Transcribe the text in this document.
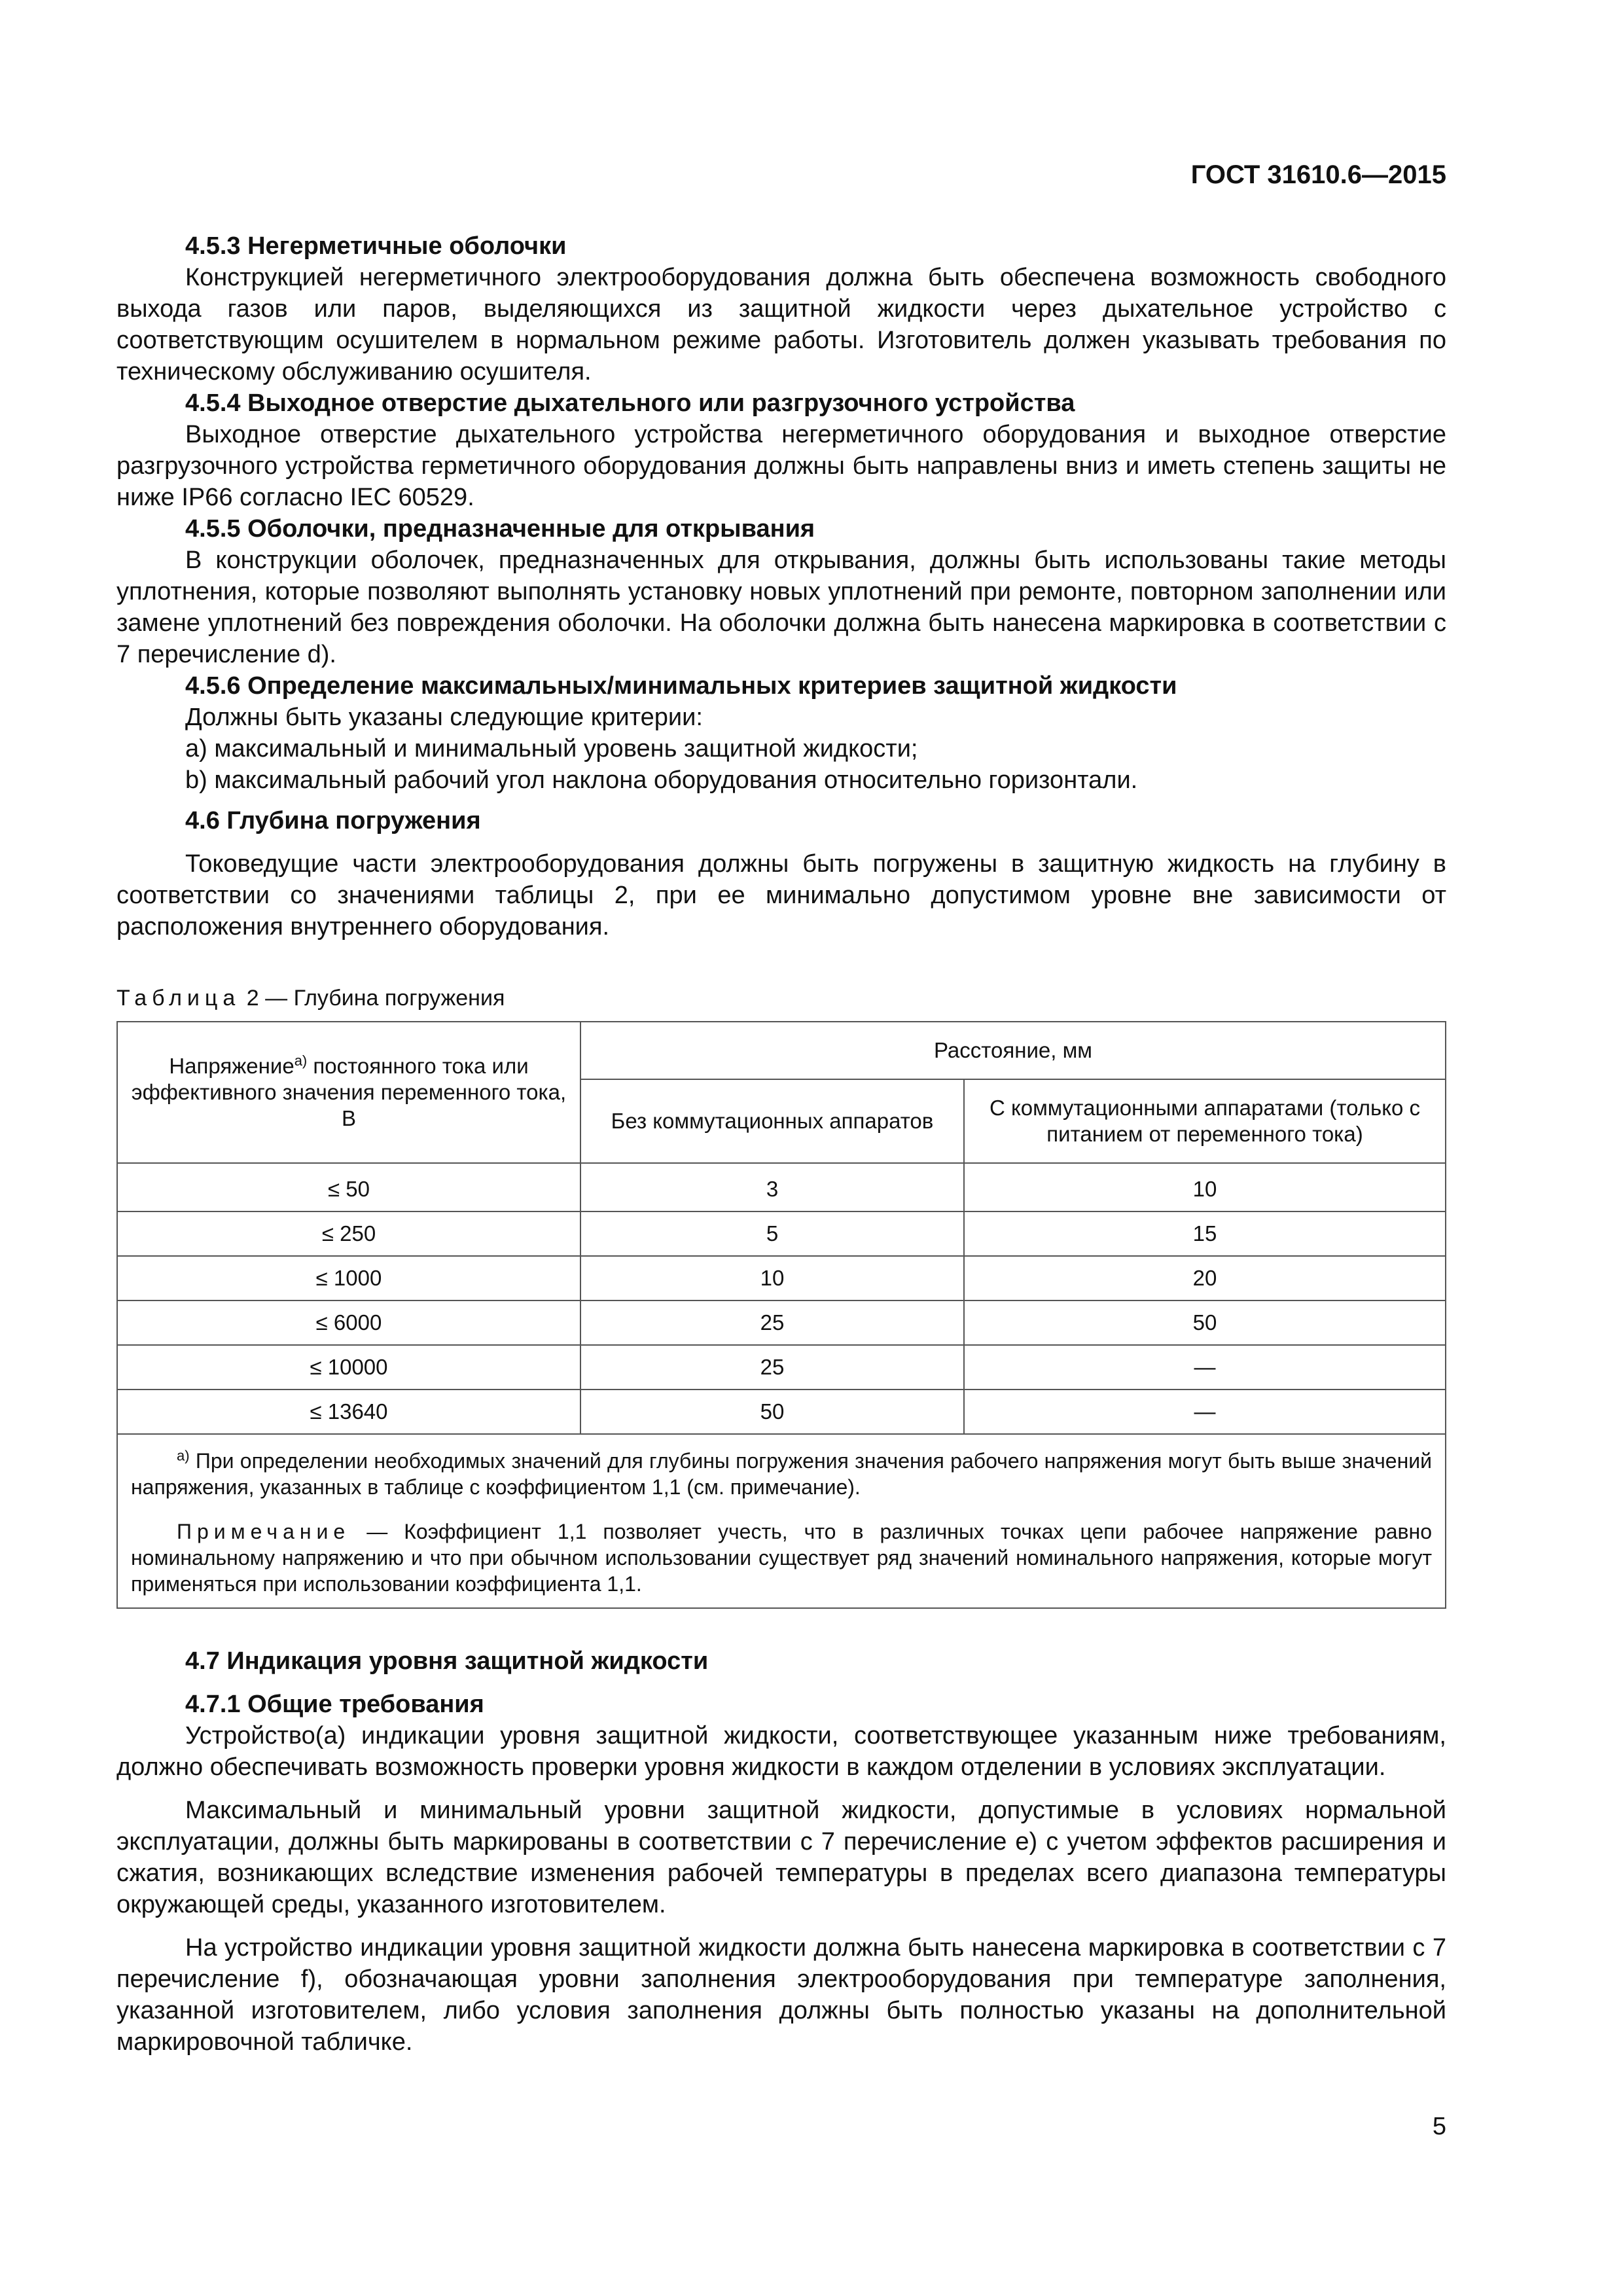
ГОСТ 31610.6—2015

4.5.3 Негерметичные оболочки

Конструкцией негерметичного электрооборудования должна быть обеспечена возможность свободного выхода газов или паров, выделяющихся из защитной жидкости через дыхательное устройство с соответствующим осушителем в нормальном режиме работы. Изготовитель должен указывать требования по техническому обслуживанию осушителя.

4.5.4 Выходное отверстие дыхательного или разгрузочного устройства

Выходное отверстие дыхательного устройства негерметичного оборудования и выходное отверстие разгрузочного устройства герметичного оборудования должны быть направлены вниз и иметь степень защиты не ниже IP66 согласно IEC 60529.

4.5.5 Оболочки, предназначенные для открывания

В конструкции оболочек, предназначенных для открывания, должны быть использованы такие методы уплотнения, которые позволяют выполнять установку новых уплотнений при ремонте, повторном заполнении или замене уплотнений без повреждения оболочки. На оболочки должна быть нанесена маркировка в соответствии с 7 перечисление d).

4.5.6 Определение максимальных/минимальных критериев защитной жидкости

Должны быть указаны следующие критерии:

a) максимальный и минимальный уровень защитной жидкости;

b) максимальный рабочий угол наклона оборудования относительно горизонтали.

4.6 Глубина погружения

Токоведущие части электрооборудования должны быть погружены в защитную жидкость на глубину в соответствии со значениями таблицы 2, при ее минимально допустимом уровне вне зависимости от расположения внутреннего оборудования.

Таблица 2 — Глубина погружения
Напряжение$^{а)}$ постоянного тока или эффективного значения переменного тока, В	Расстояние, мм	
	Без коммутационных аппаратов	С коммутационными аппаратами (только с питанием от переменного тока)
≤ 50	3	10
≤ 250	5	15
≤ 1000	10	20
≤ 6000	25	50
≤ 10000	25	—
≤ 13640	50	—

$^{а)}$ При определении необходимых значений для глубины погружения значения рабочего напряжения могут быть выше значений напряжения, указанных в таблице с коэффициентом 1,1 (см. примечание).

Примечание — Коэффициент 1,1 позволяет учесть, что в различных точках цепи рабочее напряжение равно номинальному напряжению и что при обычном использовании существует ряд значений номинального напряжения, которые могут применяться при использовании коэффициента 1,1.		

4.7 Индикация уровня защитной жидкости

4.7.1 Общие требования

Устройство(а) индикации уровня защитной жидкости, соответствующее указанным ниже требованиям, должно обеспечивать возможность проверки уровня жидкости в каждом отделении в условиях эксплуатации.

Максимальный и минимальный уровни защитной жидкости, допустимые в условиях нормальной эксплуатации, должны быть маркированы в соответствии с 7 перечисление е) с учетом эффектов расширения и сжатия, возникающих вследствие изменения рабочей температуры в пределах всего диапазона температуры окружающей среды, указанного изготовителем.

На устройство индикации уровня защитной жидкости должна быть нанесена маркировка в соответствии с 7 перечисление f), обозначающая уровни заполнения электрооборудования при температуре заполнения, указанной изготовителем, либо условия заполнения должны быть полностью указаны на дополнительной маркировочной табличке.

5
